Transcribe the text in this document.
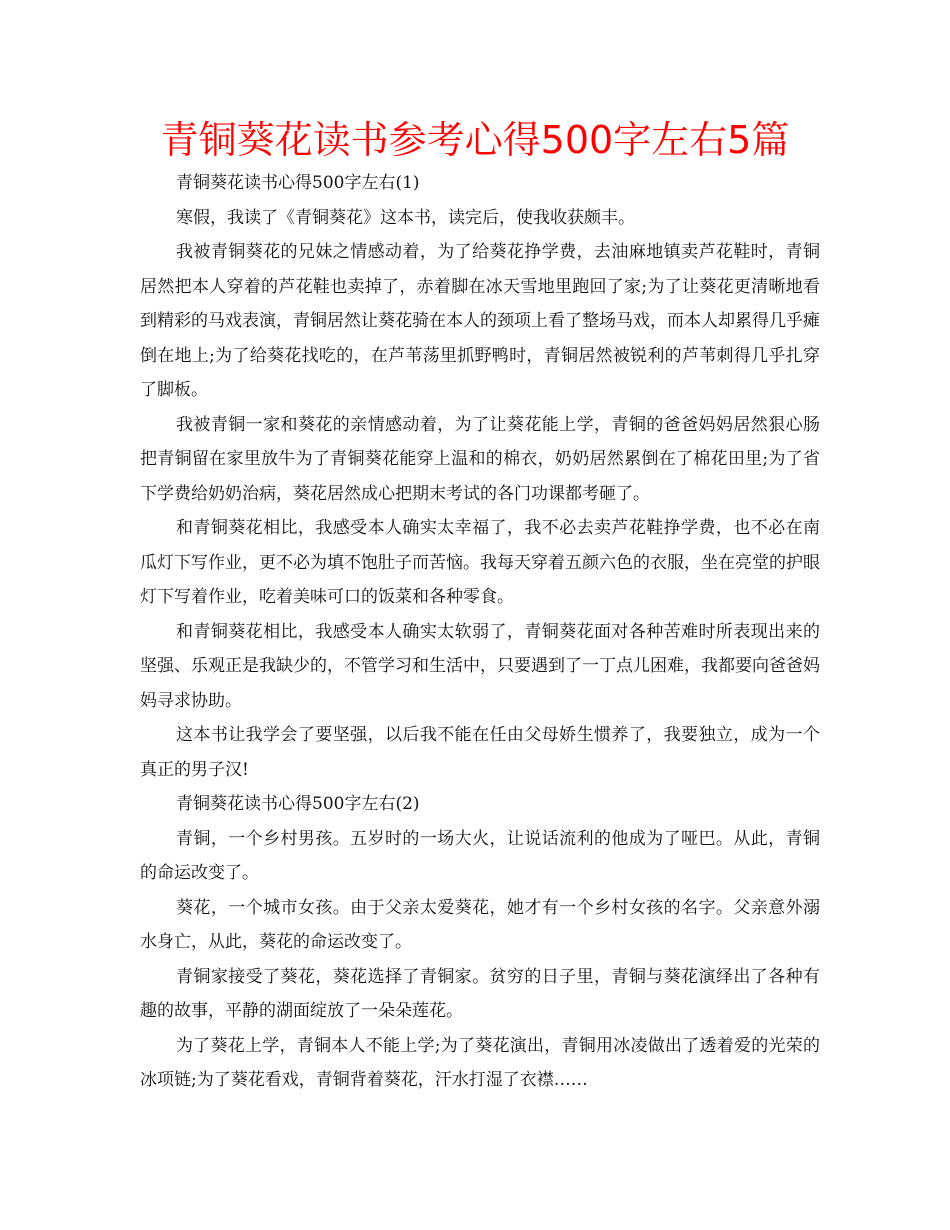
青铜葵花读书参考心得500字左右5篇

青铜葵花读书心得500字左右(1)

寒假，我读了《青铜葵花》这本书，读完后，使我收获颇丰。

我被青铜葵花的兄妹之情感动着，为了给葵花挣学费，去油麻地镇卖芦花鞋时，青铜居然把本人穿着的芦花鞋也卖掉了，赤着脚在冰天雪地里跑回了家;为了让葵花更清晰地看到精彩的马戏表演，青铜居然让葵花骑在本人的颈项上看了整场马戏，而本人却累得几乎瘫倒在地上;为了给葵花找吃的，在芦苇荡里抓野鸭时，青铜居然被锐利的芦苇刺得几乎扎穿了脚板。

我被青铜一家和葵花的亲情感动着，为了让葵花能上学，青铜的爸爸妈妈居然狠心肠把青铜留在家里放牛为了青铜葵花能穿上温和的棉衣，奶奶居然累倒在了棉花田里;为了省下学费给奶奶治病，葵花居然成心把期末考试的各门功课都考砸了。

和青铜葵花相比，我感受本人确实太幸福了，我不必去卖芦花鞋挣学费，也不必在南瓜灯下写作业，更不必为填不饱肚子而苦恼。我每天穿着五颜六色的衣服，坐在亮堂的护眼灯下写着作业，吃着美味可口的饭菜和各种零食。

和青铜葵花相比，我感受本人确实太软弱了，青铜葵花面对各种苦难时所表现出来的坚强、乐观正是我缺少的，不管学习和生活中，只要遇到了一丁点儿困难，我都要向爸爸妈妈寻求协助。

这本书让我学会了要坚强，以后我不能在任由父母娇生惯养了，我要独立，成为一个真正的男子汉!

青铜葵花读书心得500字左右(2)

青铜，一个乡村男孩。五岁时的一场大火，让说话流利的他成为了哑巴。从此，青铜的命运改变了。

葵花，一个城市女孩。由于父亲太爱葵花，她才有一个乡村女孩的名字。父亲意外溺水身亡，从此，葵花的命运改变了。

青铜家接受了葵花，葵花选择了青铜家。贫穷的日子里，青铜与葵花演绎出了各种有趣的故事，平静的湖面绽放了一朵朵莲花。

为了葵花上学，青铜本人不能上学;为了葵花演出，青铜用冰凌做出了透着爱的光荣的冰项链;为了葵花看戏，青铜背着葵花，汗水打湿了衣襟……
